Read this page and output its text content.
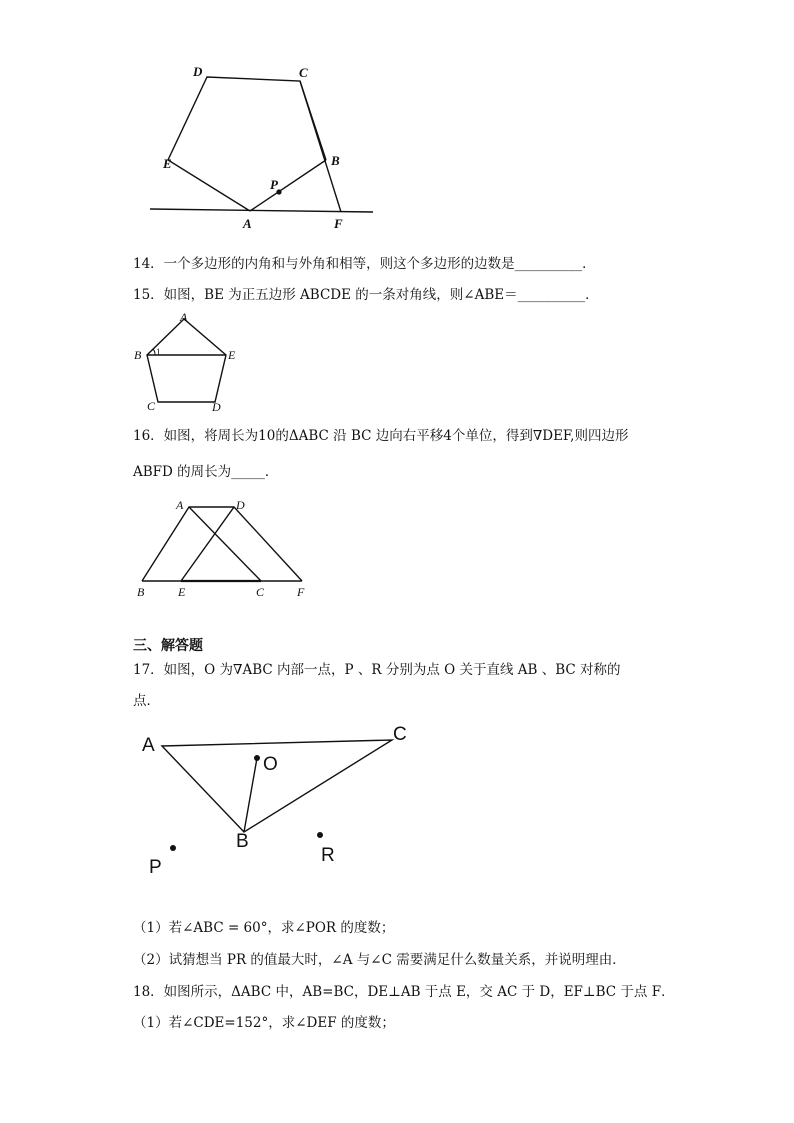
D	C
E	B
P
A	F
14．一个多边形的内角和与外角和相等，则这个多边形的边数是__________．
15．如图，BE 为正五边形 ABCDE 的一条对角线，则∠ABE＝__________．
A
B 1	E
C	D
16．如图，将周长为10的ΔABC 沿 BC 边向右平移4个单位，得到∇DEF,则四边形
ABFD 的周长为_____．
A	D
B	E	C	F
三、解答题
17．如图，O 为∇ABC 内部一点，P 、R 分别为点 O 关于直线 AB 、BC 对称的
点．
A
C
O
B
P
R
（1）若∠ABC = 60°，求∠POR 的度数；
（2）试猜想当 PR 的值最大时，∠A 与∠C 需要满足什么数量关系，并说明理由．
18．如图所示，ΔABC 中，AB=BC，DE⊥AB 于点 E，交 AC 于 D，EF⊥BC 于点 F．
（1）若∠CDE=152°，求∠DEF 的度数；
